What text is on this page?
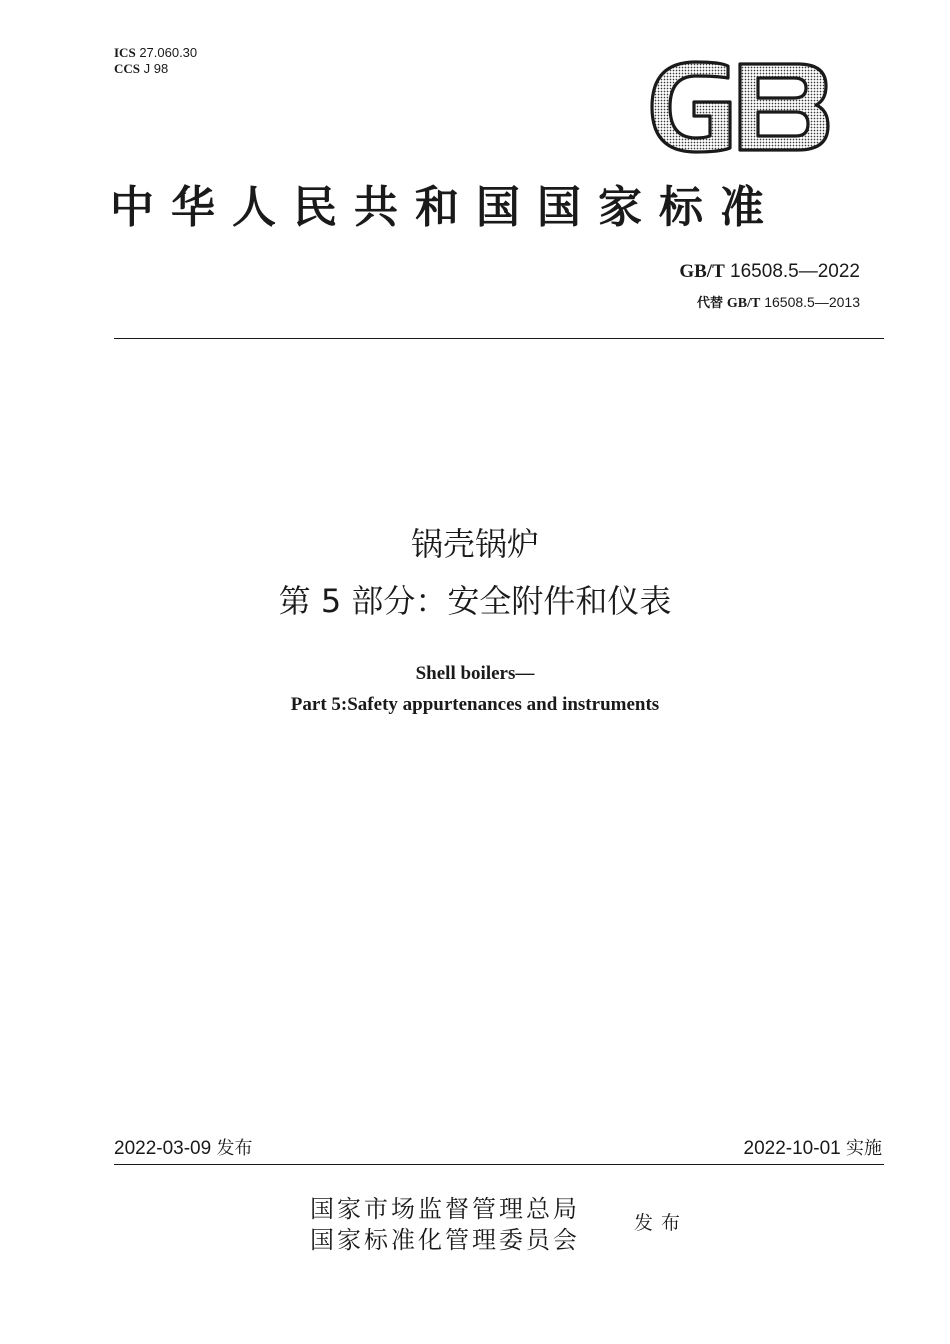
ICS 27.060.30
CCS J 98
中华人民共和国国家标准
GB/T 16508.5—2022
代替 GB/T 16508.5—2013
锅壳锅炉
第 5 部分：安全附件和仪表
Shell boilers—
Part 5:Safety appurtenances and instruments
2022-03-09 发布	2022-10-01 实施
国家市场监督管理总局
国家标准化管理委员会
发布
